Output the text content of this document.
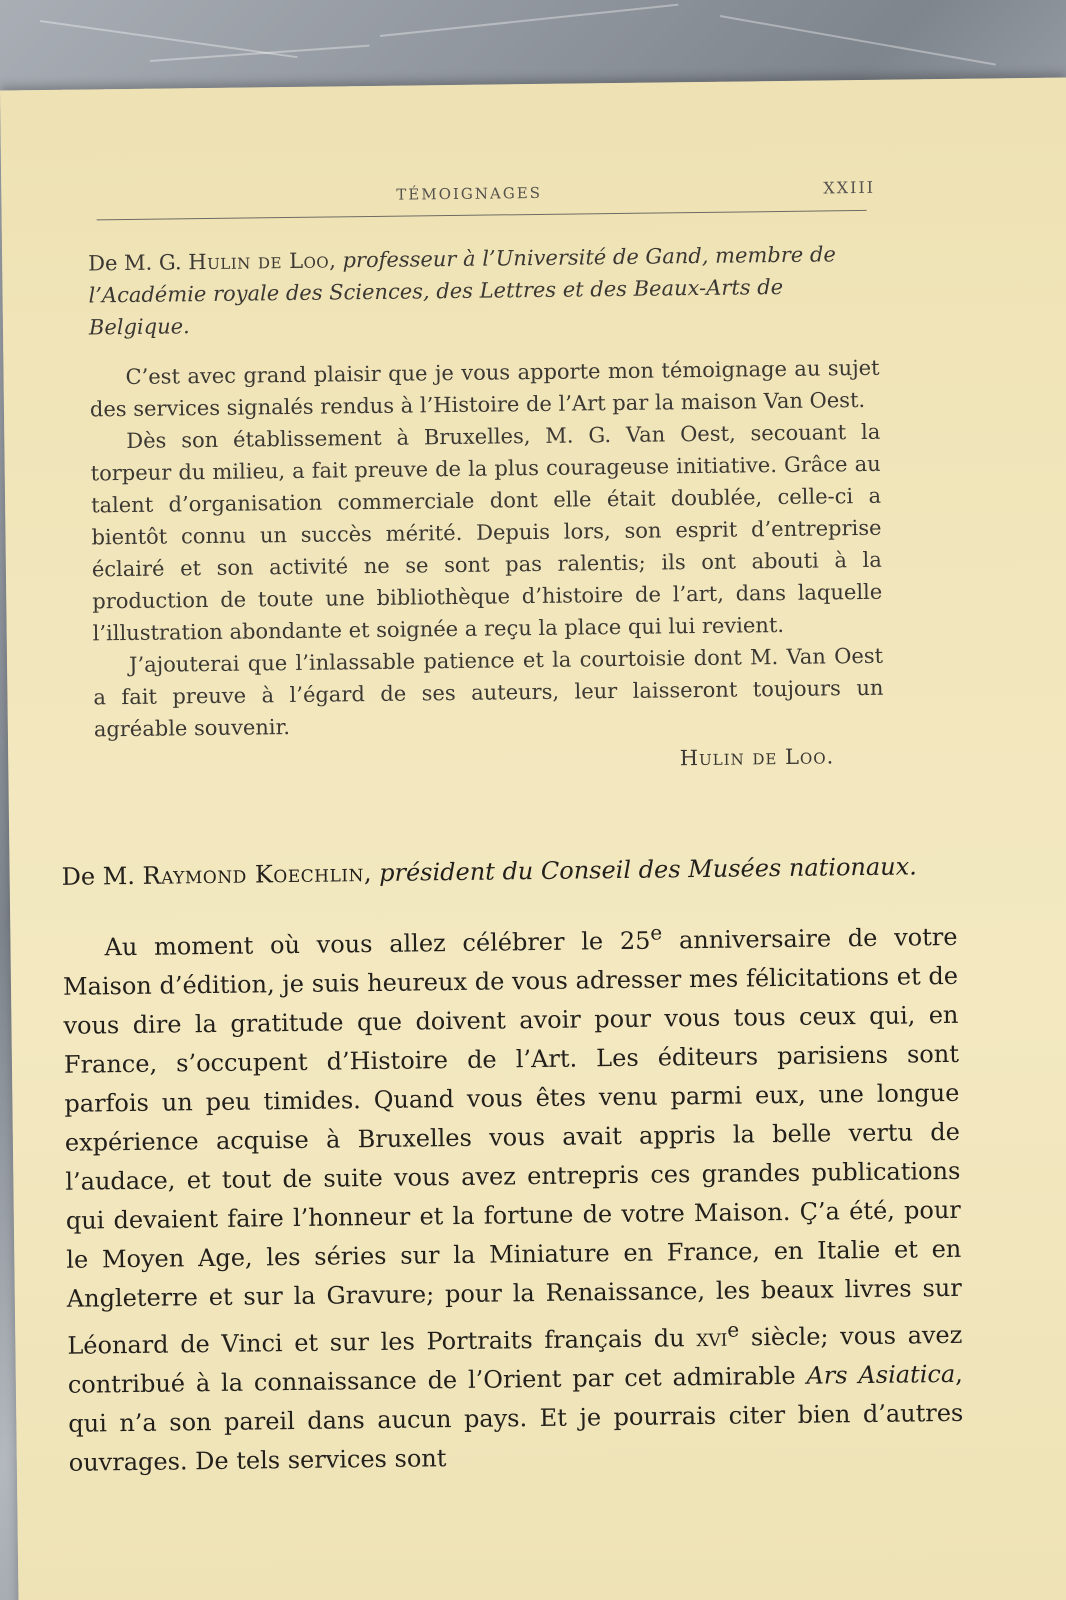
TÉMOIGNAGES	XXIII

De M. G. Hulin de Loo, professeur à l’Université de Gand, membre de l’Académie royale des Sciences, des Lettres et des Beaux-Arts de Belgique.

C’est avec grand plaisir que je vous apporte mon témoignage au sujet des services signalés rendus à l’Histoire de l’Art par la maison Van Oest.

Dès son établissement à Bruxelles, M. G. Van Oest, secouant la torpeur du milieu, a fait preuve de la plus courageuse initiative. Grâce au talent d’organisation commerciale dont elle était doublée, celle-ci a bientôt connu un succès mérité. Depuis lors, son esprit d’entreprise éclairé et son activité ne se sont pas ralentis; ils ont abouti à la production de toute une bibliothèque d’histoire de l’art, dans laquelle l’illustration abondante et soignée a reçu la place qui lui revient.

J’ajouterai que l’inlassable patience et la courtoisie dont M. Van Oest a fait preuve à l’égard de ses auteurs, leur laisseront toujours un agréable souvenir.

Hulin de Loo.

De M. Raymond Koechlin, président du Conseil des Musées nationaux.

Au moment où vous allez célébrer le 25e anniversaire de votre Maison d’édition, je suis heureux de vous adresser mes félicitations et de vous dire la gratitude que doivent avoir pour vous tous ceux qui, en France, s’occupent d’Histoire de l’Art. Les éditeurs parisiens sont parfois un peu timides. Quand vous êtes venu parmi eux, une longue expérience acquise à Bruxelles vous avait appris la belle vertu de l’audace, et tout de suite vous avez entrepris ces grandes publications qui devaient faire l’honneur et la fortune de votre Maison. Ç’a été, pour le Moyen Age, les séries sur la Miniature en France, en Italie et en Angleterre et sur la Gravure; pour la Renaissance, les beaux livres sur Léonard de Vinci et sur les Portraits français du xvi$^e$ siècle; vous avez contribué à la connaissance de l’Orient par cet admirable Ars Asiatica, qui n’a son pareil dans aucun pays. Et je pourrais citer bien d’autres ouvrages. De tels services sont
